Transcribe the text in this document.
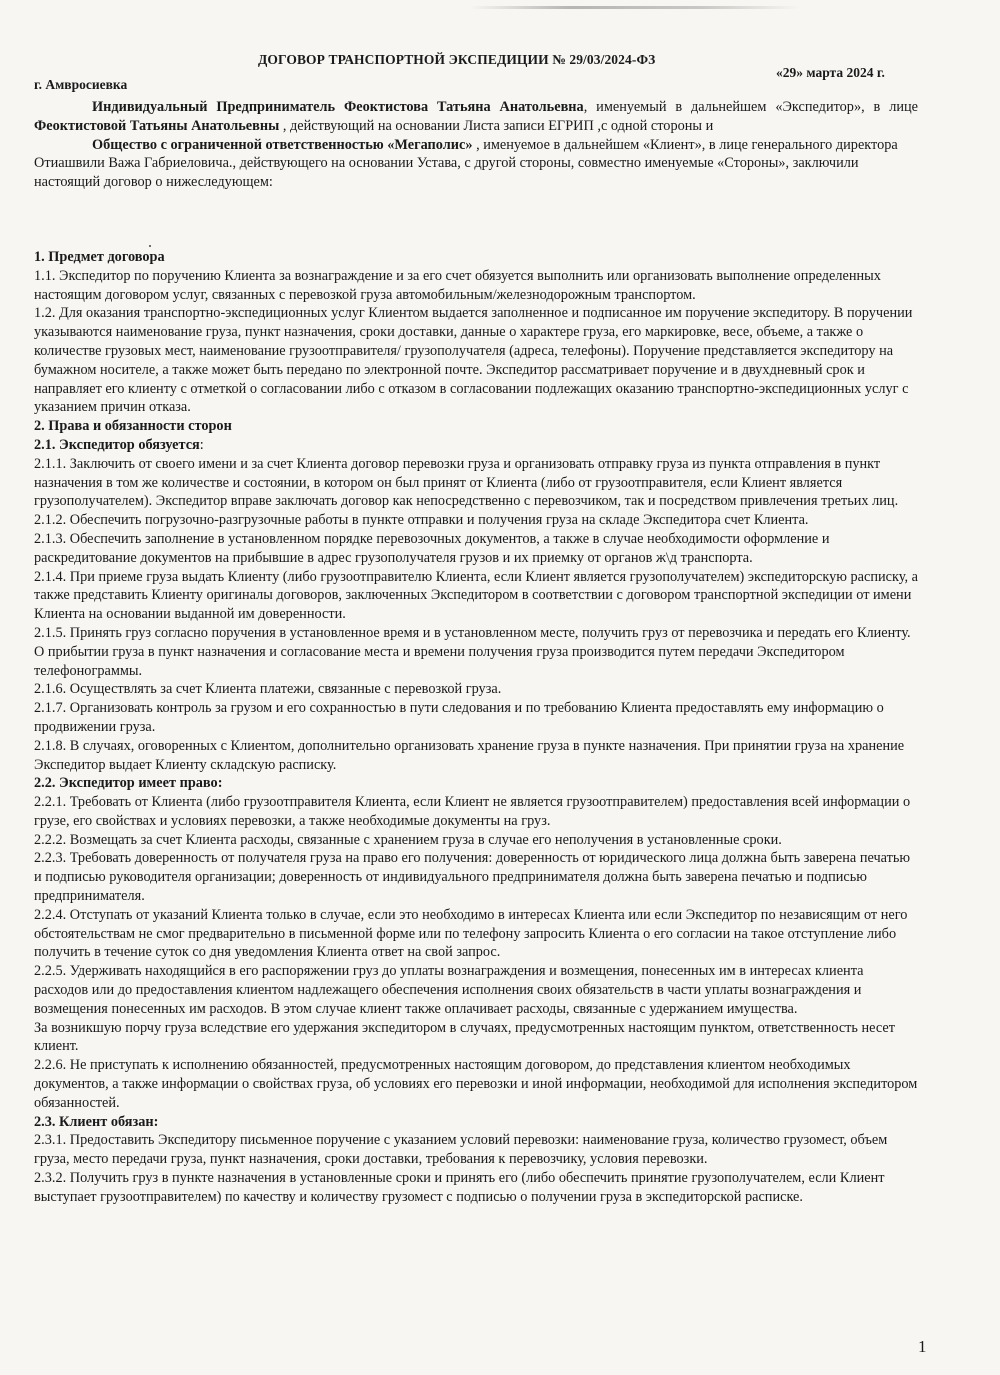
ДОГОВОР ТРАНСПОРТНОЙ ЭКСПЕДИЦИИ № 29/03/2024-ФЗ
г. Амвросиевка
«29» марта 2024 г.

Индивидуальный Предприниматель Феоктистова Татьяна Анатольевна, именуемый в дальнейшем «Экспедитор», в лице Феоктистовой Татьяны Анатольевны , действующий на основании Листа записи ЕГРИП ,с одной стороны и

Общество с ограниченной ответственностью «Мегаполис» , именуемое в дальнейшем «Клиент», в лице генерального директора Отиашвили Важа Габриеловича., действующего на основании Устава, с другой стороны, совместно именуемые «Стороны», заключили настоящий договор о нижеследующем:

1. Предмет договора

1.1. Экспедитор по поручению Клиента за вознаграждение и за его счет обязуется выполнить или организовать выполнение определенных настоящим договором услуг, связанных с перевозкой груза автомобильным/железнодорожным транспортом.

1.2. Для оказания транспортно-экспедиционных услуг Клиентом выдается заполненное и подписанное им поручение экспедитору. В поручении указываются наименование груза, пункт назначения, сроки доставки, данные о характере груза, его маркировке, весе, объеме, а также о количестве грузовых мест, наименование грузоотправителя/ грузополучателя (адреса, телефоны). Поручение представляется экспедитору на бумажном носителе, а также может быть передано по электронной почте. Экспедитор рассматривает поручение и в двухдневный срок и направляет его клиенту с отметкой о согласовании либо с отказом в согласовании подлежащих оказанию транспортно-экспедиционных услуг с указанием причин отказа.

2. Права и обязанности сторон

2.1. Экспедитор обязуется:

2.1.1. Заключить от своего имени и за счет Клиента договор перевозки груза и организовать отправку груза из пункта отправления в пункт назначения в том же количестве и состоянии, в котором он был принят от Клиента (либо от грузоотправителя, если Клиент является грузополучателем). Экспедитор вправе заключать договор как непосредственно с перевозчиком, так и посредством привлечения третьих лиц.

2.1.2. Обеспечить погрузочно-разгрузочные работы в пункте отправки и получения груза на складе Экспедитора счет Клиента.

2.1.3. Обеспечить заполнение в установленном порядке перевозочных документов, а также в случае необходимости оформление и раскредитование документов на прибывшие в адрес грузополучателя грузов и их приемку от органов ж\д транспорта.

2.1.4. При приеме груза выдать Клиенту (либо грузоотправителю Клиента, если Клиент является грузополучателем) экспедиторскую расписку, а также представить Клиенту оригиналы договоров, заключенных Экспедитором в соответствии с договором транспортной экспедиции от имени Клиента на основании выданной им доверенности.

2.1.5. Принять груз согласно поручения в установленное время и в установленном месте, получить груз от перевозчика и передать его Клиенту. О прибытии груза в пункт назначения и согласование места и времени получения груза производится путем передачи Экспедитором телефонограммы.

2.1.6. Осуществлять за счет Клиента платежи, связанные с перевозкой груза.

2.1.7. Организовать контроль за грузом и его сохранностью в пути следования и по требованию Клиента предоставлять ему информацию о продвижении груза.

2.1.8. В случаях, оговоренных с Клиентом, дополнительно организовать хранение груза в пункте назначения. При принятии груза на хранение Экспедитор выдает Клиенту складскую расписку.

2.2. Экспедитор имеет право:

2.2.1. Требовать от Клиента (либо грузоотправителя Клиента, если Клиент не является грузоотправителем) предоставления всей информации о грузе, его свойствах и условиях перевозки, а также необходимые документы на груз.

2.2.2. Возмещать за счет Клиента расходы, связанные с хранением груза в случае его неполучения в установленные сроки.

2.2.3. Требовать доверенность от получателя груза на право его получения: доверенность от юридического лица должна быть заверена печатью и подписью руководителя организации; доверенность от индивидуального предпринимателя должна быть заверена печатью и подписью предпринимателя.

2.2.4. Отступать от указаний Клиента только в случае, если это необходимо в интересах Клиента или если Экспедитор по независящим от него обстоятельствам не смог предварительно в письменной форме или по телефону запросить Клиента о его согласии на такое отступление либо получить в течение суток со дня уведомления Клиента ответ на свой запрос.

2.2.5. Удерживать находящийся в его распоряжении груз до уплаты вознаграждения и возмещения, понесенных им в интересах клиента расходов или до предоставления клиентом надлежащего обеспечения исполнения своих обязательств в части уплаты вознаграждения и возмещения понесенных им расходов. В этом случае клиент также оплачивает расходы, связанные с удержанием имущества.

За возникшую порчу груза вследствие его удержания экспедитором в случаях, предусмотренных настоящим пунктом, ответственность несет клиент.

2.2.6. Не приступать к исполнению обязанностей, предусмотренных настоящим договором, до представления клиентом необходимых документов, а также информации о свойствах груза, об условиях его перевозки и иной информации, необходимой для исполнения экспедитором обязанностей.

2.3. Клиент обязан:

2.3.1. Предоставить Экспедитору письменное поручение с указанием условий перевозки: наименование груза, количество грузомест, объем груза, место передачи груза, пункт назначения, сроки доставки, требования к перевозчику, условия перевозки.

2.3.2. Получить груз в пункте назначения в установленные сроки и принять его (либо обеспечить принятие грузополучателем, если Клиент выступает грузоотправителем) по качеству и количеству грузомест с подписью о получении груза в экспедиторской расписке.

1
